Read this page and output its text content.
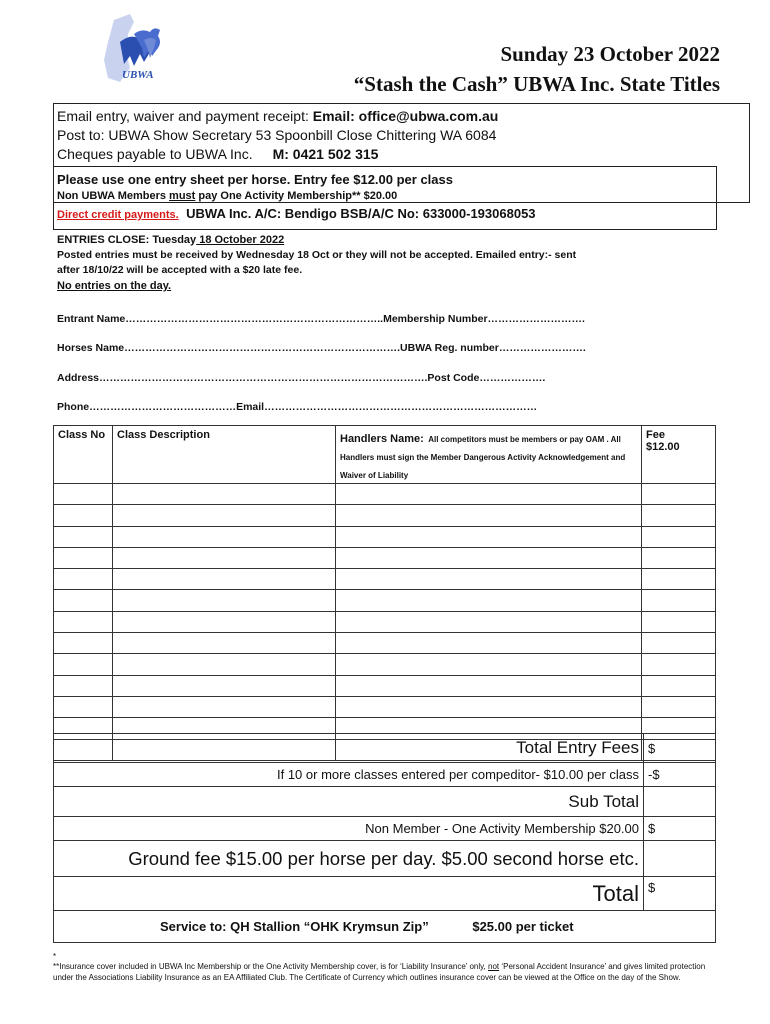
UBWA
Sunday 23 October 2022
“Stash the Cash” UBWA Inc. State Titles
Email entry, waiver and payment receipt: Email: office@ubwa.com.au
Post to: UBWA Show Secretary 53 Spoonbill Close Chittering WA 6084
Cheques payable to UBWA Inc. M: 0421 502 315
Please use one entry sheet per horse. Entry fee $12.00 per class
Non UBWA Members must pay One Activity Membership** $20.00
Direct credit payments. UBWA Inc. A/C: Bendigo BSB/A/C No: 633000-193068053
ENTRIES CLOSE: Tuesday 18 October 2022
Posted entries must be received by Wednesday 18 Oct or they will not be accepted. Emailed entry:- sent
after 18/10/22 will be accepted with a $20 late fee.
No entries on the day.
Entrant Name………………………………………………………………..Membership Number……………………….
Horses Name…………………………………………………………………….UBWA Reg. number…………………….
Address………………………………………………………………………………….Post Code……………….
Phone……………………………………Email……………………………………………………………………
Class No	Class Description	Handlers Name: All competitors must be members or pay OAM . All Handlers must sign the Member Dangerous Activity Acknowledgement and Waiver of Liability	Fee
$12.00

Total Entry Fees	$
If 10 or more classes entered per compeditor- $10.00 per class	-$
Sub Total	
Non Member - One Activity Membership $20.00	$
Ground fee $15.00 per horse per day. $5.00 second horse etc.	
Total	$
Service to: QH Stallion “OHK Krymsun Zip” $25.00 per ticket	
*
**Insurance cover included in UBWA Inc Membership or the One Activity Membership cover, is for ‘Liability Insurance’ only, not ‘Personal Accident Insurance’ and gives limited protection under the Associations Liability Insurance as an EA Affiliated Club. The Certificate of Currency which outlines insurance cover can be viewed at the Office on the day of the Show.
